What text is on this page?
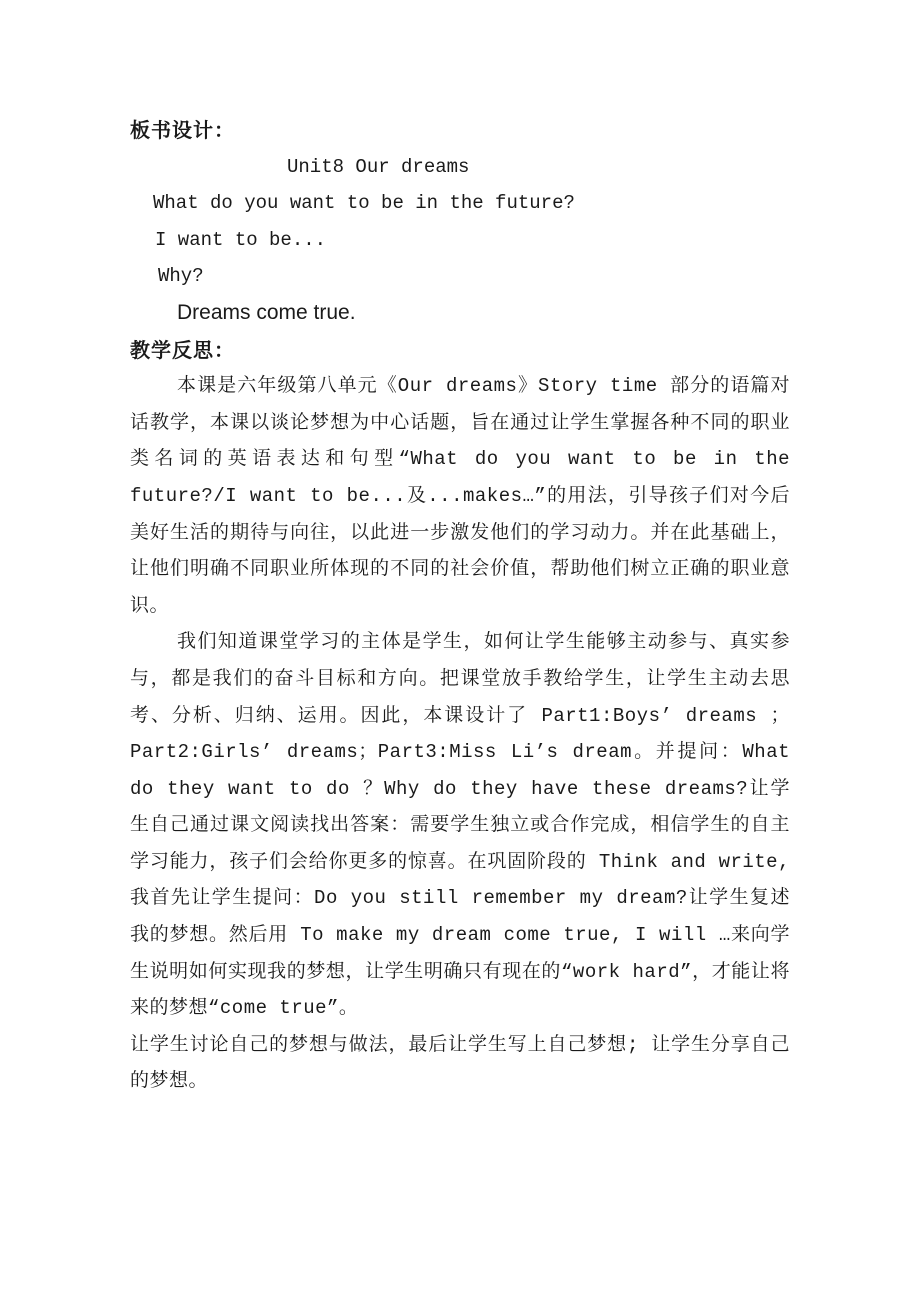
板书设计：
Unit8 Our dreams
What do you want to be in the future?
I want to be...
Why?
Dreams come true.
教学反思：

本课是六年级第八单元《Our dreams》Story time 部分的语篇对话教学，本课以谈论梦想为中心话题，旨在通过让学生掌握各种不同的职业类名词的英语表达和句型“What do you want to be in the future?/I want to be...及...makes…”的用法，引导孩子们对今后美好生活的期待与向往，以此进一步激发他们的学习动力。并在此基础上，让他们明确不同职业所体现的不同的社会价值，帮助他们树立正确的职业意识。

我们知道课堂学习的主体是学生，如何让学生能够主动参与、真实参与，都是我们的奋斗目标和方向。把课堂放手教给学生，让学生主动去思考、分析、归纳、运用。因此，本课设计了 Part1:Boys’ dreams ；Part2:Girls’ dreams；Part3:Miss Li’s dream。并提问：What do they want to do ？Why do they have these dreams?让学生自己通过课文阅读找出答案：需要学生独立或合作完成，相信学生的自主学习能力，孩子们会给你更多的惊喜。在巩固阶段的 Think and write,我首先让学生提问：Do you still remember my dream?让学生复述我的梦想。然后用 To make my dream come true, I will …来向学生说明如何实现我的梦想，让学生明确只有现在的“work hard”，才能让将来的梦想“come true”。

让学生讨论自己的梦想与做法，最后让学生写上自己梦想; 让学生分享自己的梦想。
